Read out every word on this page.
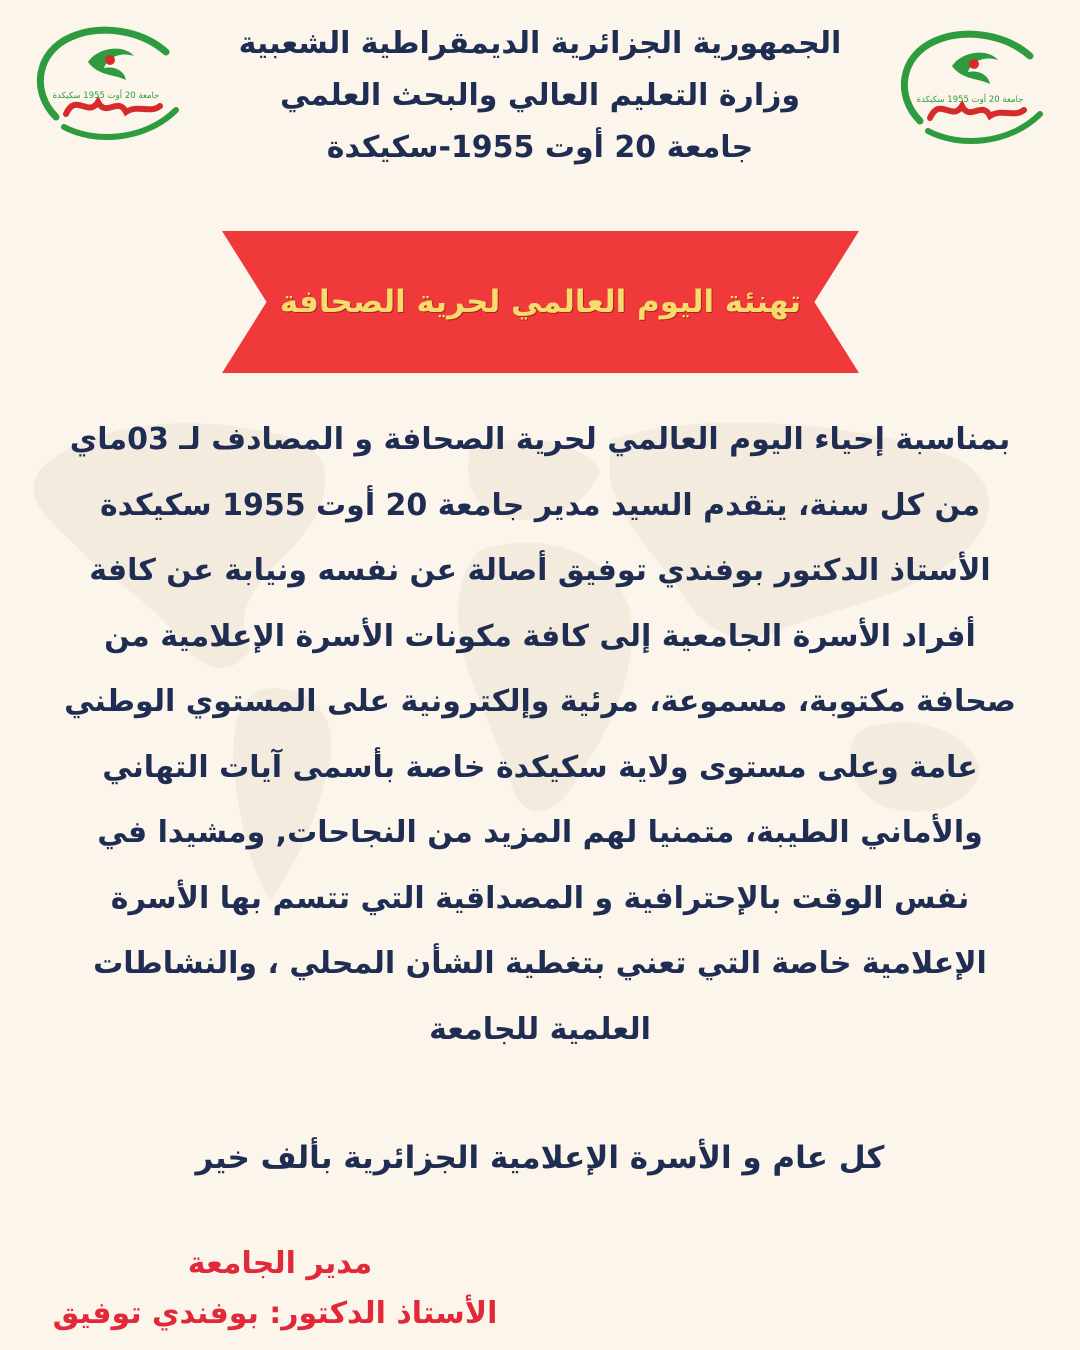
جامعة 20 أوت 1955 سكيكدة	جامعة 20 أوت 1955 سكيكدة
الجمهورية الجزائرية الديمقراطية الشعبية
وزارة التعليم العالي والبحث العلمي
جامعة 20 أوت 1955-سكيكدة
تهنئة اليوم العالمي لحرية الصحافة
بمناسبة إحياء اليوم العالمي لحرية الصحافة و المصادف لـ 03ماي
من كل سنة، يتقدم السيد مدير جامعة 20 أوت 1955 سكيكدة
الأستاذ الدكتور بوفندي توفيق أصالة عن نفسه ونيابة عن كافة
أفراد الأسرة الجامعية إلى كافة مكونات الأسرة الإعلامية من
صحافة مكتوبة، مسموعة، مرئية وإلكترونية على المستوي الوطني
عامة وعلى مستوى ولاية سكيكدة خاصة بأسمى آيات التهاني
والأماني الطيبة، متمنيا لهم المزيد من النجاحات, ومشيدا في
نفس الوقت بالإحترافية و المصداقية التي تتسم بها الأسرة
الإعلامية خاصة التي تعني بتغطية الشأن المحلي ، والنشاطات
العلمية للجامعة
كل عام و الأسرة الإعلامية الجزائرية بألف خير
مدير الجامعة
الأستاذ الدكتور: بوفندي توفيق
